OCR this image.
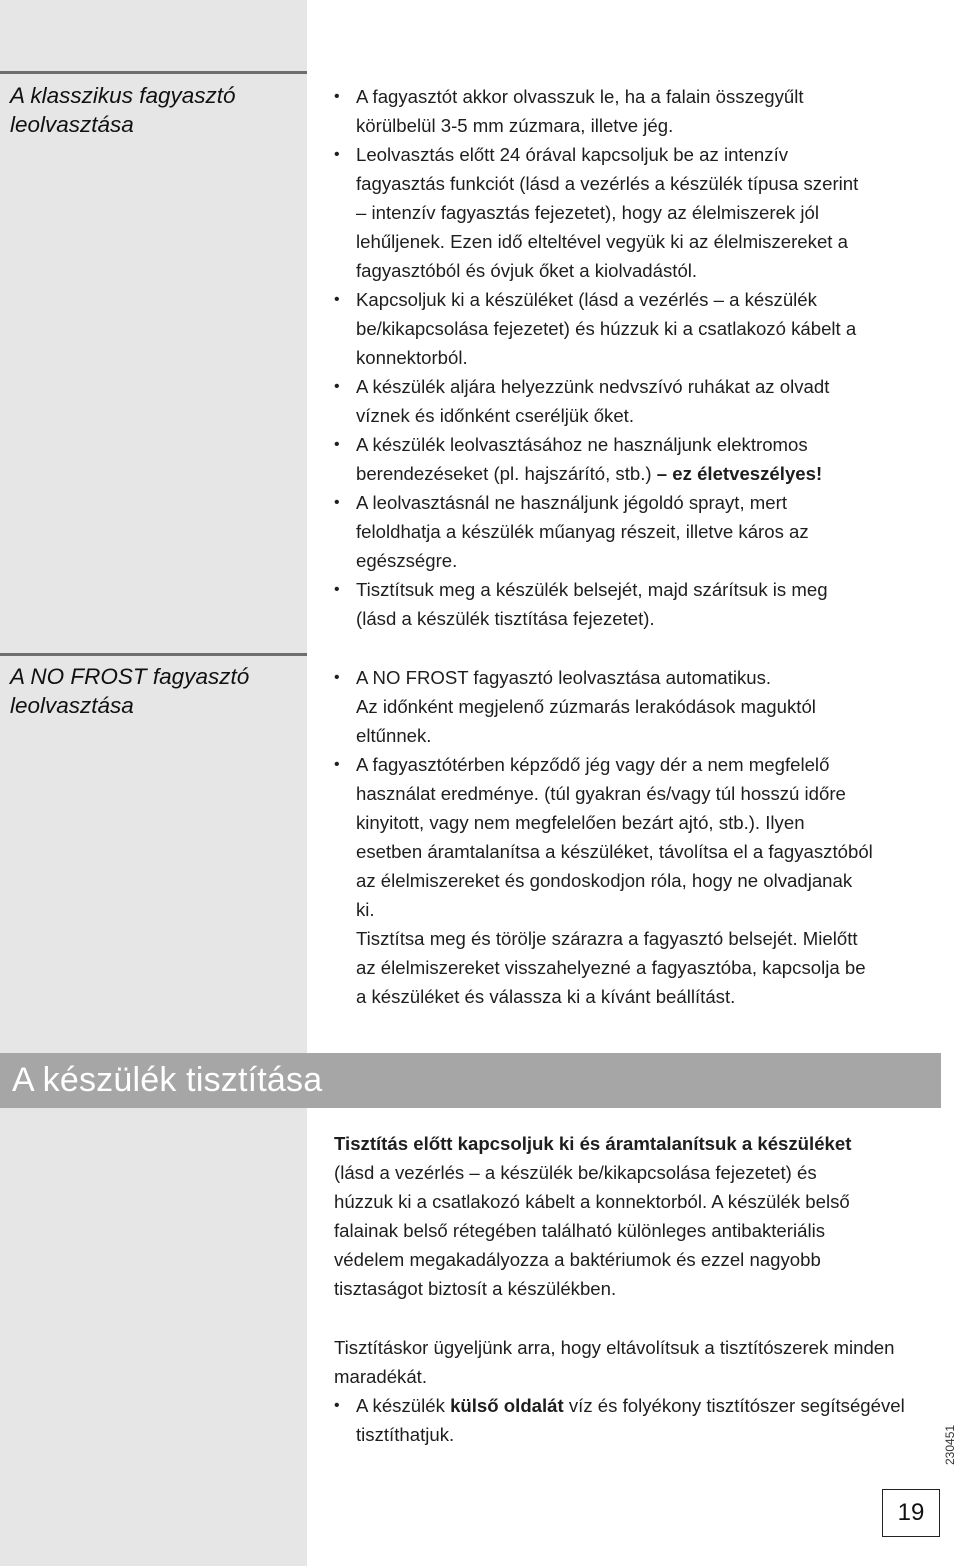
A klasszikus fagyasztó
leolvasztása
• A fagyasztót akkor olvasszuk le, ha a falain összegyűlt
körülbelül 3-5 mm zúzmara, illetve jég.
• Leolvasztás előtt 24 órával kapcsoljuk be az intenzív
fagyasztás funkciót (lásd a vezérlés a készülék típusa szerint
– intenzív fagyasztás fejezetet), hogy az élelmiszerek jól
lehűljenek. Ezen idő elteltével vegyük ki az élelmiszereket a
fagyasztóból és óvjuk őket a kiolvadástól.
• Kapcsoljuk ki a készüléket (lásd a vezérlés – a készülék
be/kikapcsolása fejezetet) és húzzuk ki a csatlakozó kábelt a
konnektorból.
• A készülék aljára helyezzünk nedvszívó ruhákat az olvadt
víznek és időnként cseréljük őket.
• A készülék leolvasztásához ne használjunk elektromos
berendezéseket (pl. hajszárító, stb.) – ez életveszélyes!
• A leolvasztásnál ne használjunk jégoldó sprayt, mert
feloldhatja a készülék műanyag részeit, illetve káros az
egészségre.
• Tisztítsuk meg a készülék belsejét, majd szárítsuk is meg
(lásd a készülék tisztítása fejezetet).
A NO FROST fagyasztó
leolvasztása
• A NO FROST fagyasztó leolvasztása automatikus.
Az időnként megjelenő zúzmarás lerakódások maguktól
eltűnnek.
• A fagyasztótérben képződő jég vagy dér a nem megfelelő
használat eredménye. (túl gyakran és/vagy túl hosszú időre
kinyitott, vagy nem megfelelően bezárt ajtó, stb.). Ilyen
esetben áramtalanítsa a készüléket, távolítsa el a fagyasztóból
az élelmiszereket és gondoskodjon róla, hogy ne olvadjanak
ki.
Tisztítsa meg és törölje szárazra a fagyasztó belsejét. Mielőtt
az élelmiszereket visszahelyezné a fagyasztóba, kapcsolja be
a készüléket és válassza ki a kívánt beállítást.
A készülék tisztítása
Tisztítás előtt kapcsoljuk ki és áramtalanítsuk a készüléket
(lásd a vezérlés – a készülék be/kikapcsolása fejezetet) és
húzzuk ki a csatlakozó kábelt a konnektorból. A készülék belső
falainak belső rétegében található különleges antibakteriális
védelem megakadályozza a baktériumok és ezzel nagyobb
tisztaságot biztosít a készülékben.
Tisztításkor ügyeljünk arra, hogy eltávolítsuk a tisztítószerek minden
maradékát.
• A készülék külső oldalát víz és folyékony tisztítószer segítségével
tisztíthatjuk.	230451
19
